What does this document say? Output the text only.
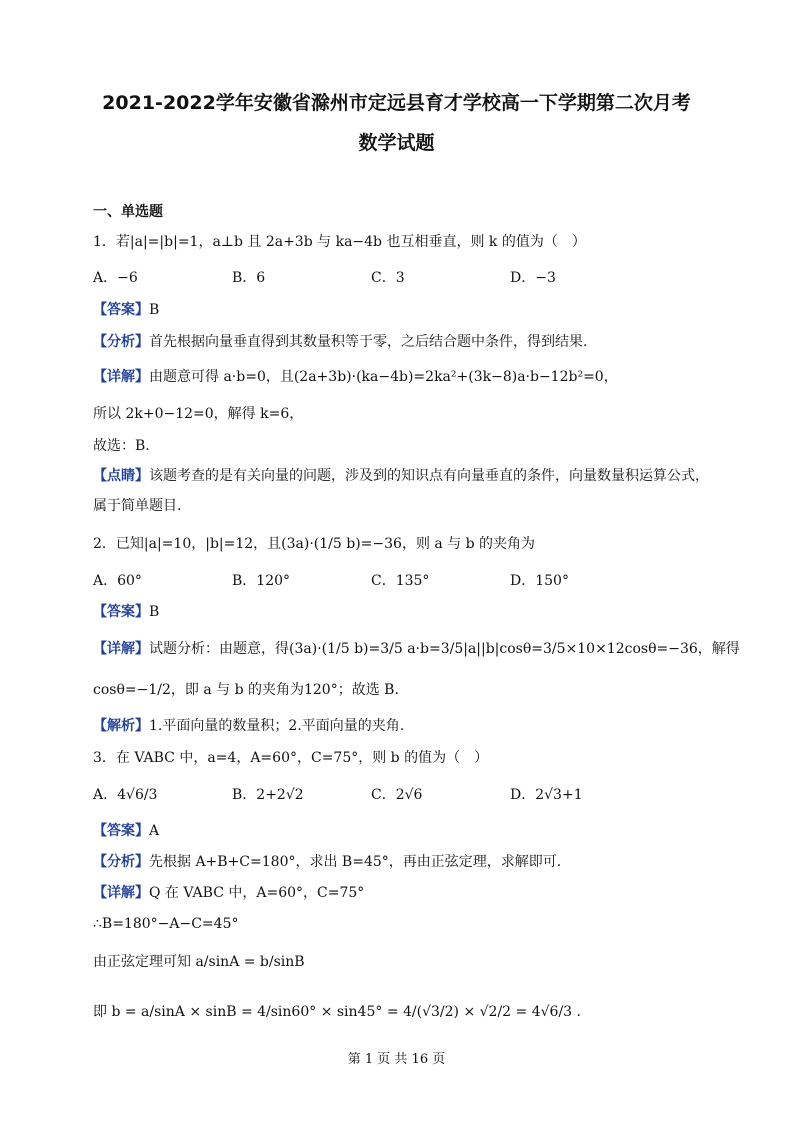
2021-2022学年安徽省滁州市定远县育才学校高一下学期第二次月考
数学试题
一、单选题
1．若|a|=|b|=1，a⊥b 且 2a+3b 与 ka−4b 也互相垂直，则 k 的值为（　）
A．−6	B．6	C．3	D．−3
【答案】B
【分析】首先根据向量垂直得到其数量积等于零，之后结合题中条件，得到结果.
【详解】由题意可得 a·b=0，且(2a+3b)·(ka−4b)=2ka²+(3k−8)a·b−12b²=0，
所以 2k+0−12=0，解得 k=6，
故选：B.
【点睛】该题考查的是有关向量的问题，涉及到的知识点有向量垂直的条件，向量数量积运算公式，
属于简单题目.
2．已知|a|=10，|b|=12，且(3a)·(1/5 b)=−36，则 a 与 b 的夹角为
A．60°	B．120°	C．135°	D．150°
【答案】B
【详解】试题分析：由题意，得(3a)·(1/5 b)=3/5 a·b=3/5|a||b|cosθ=3/5×10×12cosθ=−36，解得
cosθ=−1/2，即 a 与 b 的夹角为120°；故选 B.
【解析】1.平面向量的数量积；2.平面向量的夹角.
3．在 VABC 中，a=4，A=60°，C=75°，则 b 的值为（　）
A．4√6/3	B．2+2√2	C．2√6	D．2√3+1
【答案】A
【分析】先根据 A+B+C=180°，求出 B=45°，再由正弦定理，求解即可.
【详解】Q 在 VABC 中，A=60°，C=75°
∴B=180°−A−C=45°
由正弦定理可知 a/sinA = b/sinB
即 b = a/sinA × sinB = 4/sin60° × sin45° = 4/(√3/2) × √2/2 = 4√6/3 .
第 1 页 共 16 页
